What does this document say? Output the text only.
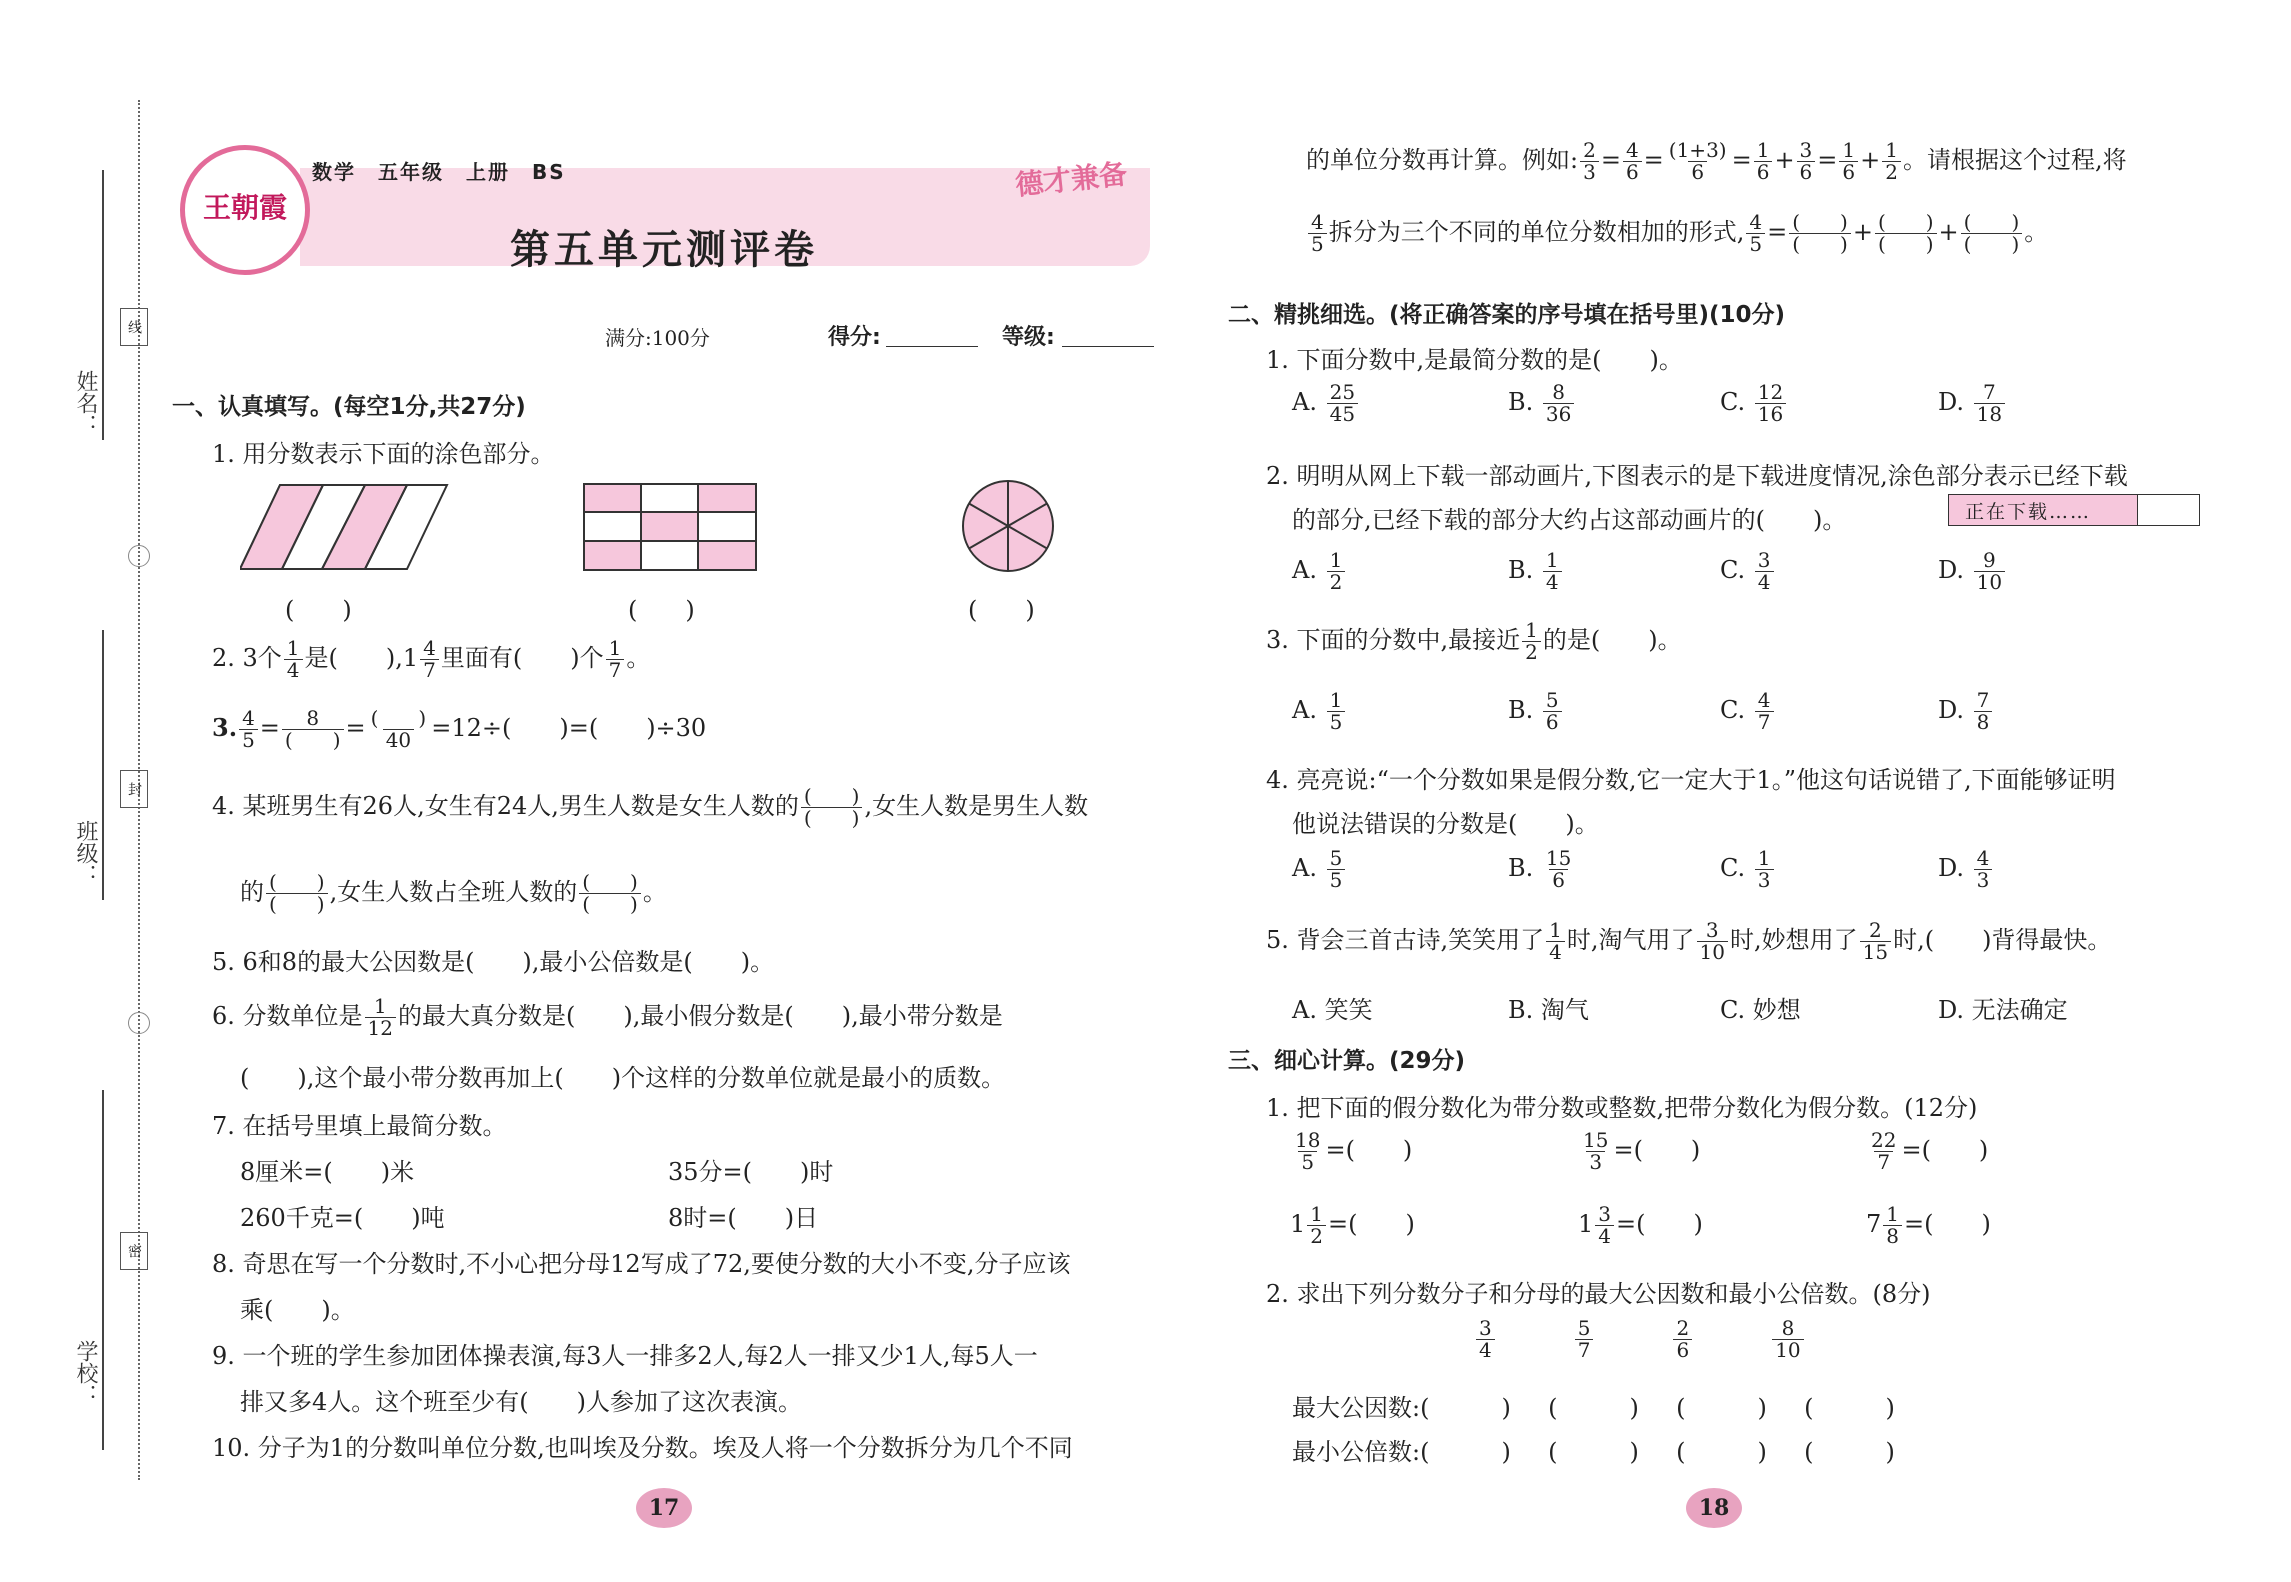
姓名：
班级：
学校：
线
封
密
王朝霞
数学　五年级　上册　BS
第五单元测评卷
德才兼备
满分:100分	得分:	等级:
一、认真填写。(每空1分,共27分)
1. 用分数表示下面的涂色部分。
(　　)	(　　)	(　　)
2. 3个 $\frac{1}{4}$ 是(　　)$,1 \frac{4}{7}$ 里面有(　　)个 $\frac{1}{7}$ 。
3. $\frac{4}{5} = 8$
(　　) = (　　)
40 =12÷(　　)=(　　)÷30
4. 某班男生有26人,女生有24人,男生人数是女生人数的 (　　)
(　　) ,女生人数是男生人数
的 (　　)
(　　) ,女生人数占全班人数的 (　　)
(　　) 。
5. 6和8的最大公因数是(　　),最小公倍数是(　　)。
6. 分数单位是 $\frac{1}{12}$ 的最大真分数是(　　),最小假分数是(　　),最小带分数是
(　　),这个最小带分数再加上(　　)个这样的分数单位就是最小的质数。
7. 在括号里填上最简分数。
8厘米=(　　)米	35分=(　　)时
260千克=(　　)吨	8时=(　　)日
8. 奇思在写一个分数时,不小心把分母12写成了72,要使分数的大小不变,分子应该
乘(　　)。
9. 一个班的学生参加团体操表演,每3人一排多2人,每2人一排又少1人,每5人一
排又多4人。这个班至少有(　　)人参加了这次表演。
10. 分子为1的分数叫单位分数,也叫埃及分数。埃及人将一个分数拆分为几个不同
17
的单位分数再计算。例如: $\frac{2}{3} = \frac{4}{6} = \frac{(1+3)}{6} = \frac{1}{6} + \frac{3}{6} = \frac{1}{6} + \frac{1}{2}$ 。请根据这个过程,将
$\frac{4}{5}$ 拆分为三个不同的单位分数相加的形式, $\frac{4}{5}$ = (　　)
(　　) + (　　)
(　　) + (　　)
(　　) 。
二、精挑细选。(将正确答案的序号填在括号里)(10分)
1. 下面分数中,是最简分数的是(　　)。
A. $\frac{25}{45}$	B. $\frac{8}{36}$	C. $\frac{12}{16}$	D. $\frac{7}{18}$
2. 明明从网上下载一部动画片,下图表示的是下载进度情况,涂色部分表示已经下载
的部分,已经下载的部分大约占这部动画片的(　　)。	正在下载……
A. $\frac{1}{2}$	B. $\frac{1}{4}$	C. $\frac{3}{4}$	D. $\frac{9}{10}$
3. 下面的分数中,最接近 $\frac{1}{2}$ 的是(　　)。
A. $\frac{1}{5}$	B. $\frac{5}{6}$	C. $\frac{4}{7}$	D. $\frac{7}{8}$
4. 亮亮说:“一个分数如果是假分数,它一定大于1。”他这句话说错了,下面能够证明
他说法错误的分数是(　　)。
A. $\frac{5}{5}$	B. $\frac{15}{6}$	C. $\frac{1}{3}$	D. $\frac{4}{3}$
5. 背会三首古诗,笑笑用了 $\frac{1}{4}$ 时,淘气用了 $\frac{3}{10}$ 时,妙想用了 $\frac{2}{15}$ 时,(　　)背得最快。
A. 笑笑	B. 淘气	C. 妙想	D. 无法确定
三、细心计算。(29分)
1. 把下面的假分数化为带分数或整数,把带分数化为假分数。(12分)
$\frac{18}{5}$ =(　　)	$\frac{15}{3}$ =(　　)	$\frac{22}{7}$ =(　　)
$1 \frac{1}{2}$ =(　　)	$1 \frac{3}{4}$ =(　　)	$7 \frac{1}{8}$ =(　　)
2. 求出下列分数分子和分母的最大公因数和最小公倍数。(8分)
$\frac{3}{4}$	$\frac{5}{7}$	$\frac{2}{6}$	$\frac{8}{10}$
最大公因数:(　　　) (　　　) (　　　) (　　　)
最小公倍数:(　　　) (　　　) (　　　) (　　　)
18
